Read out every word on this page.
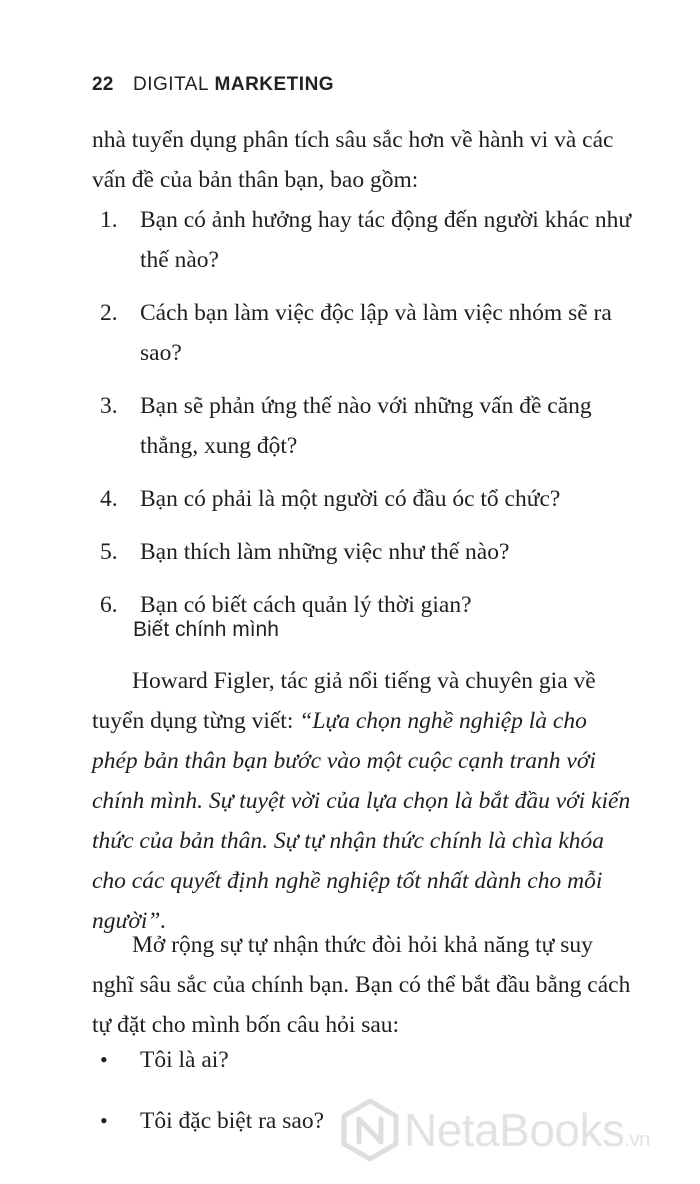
22 DIGITAL MARKETING
nhà tuyển dụng phân tích sâu sắc hơn về hành vi và các vấn đề của bản thân bạn, bao gồm:
1. Bạn có ảnh hưởng hay tác động đến người khác như thế nào?
2. Cách bạn làm việc độc lập và làm việc nhóm sẽ ra sao?
3. Bạn sẽ phản ứng thế nào với những vấn đề căng thẳng, xung đột?
4. Bạn có phải là một người có đầu óc tổ chức?
5. Bạn thích làm những việc như thế nào?
6. Bạn có biết cách quản lý thời gian?
Biết chính mình
Howard Figler, tác giả nổi tiếng và chuyên gia về tuyển dụng từng viết: “Lựa chọn nghề nghiệp là cho phép bản thân bạn bước vào một cuộc cạnh tranh với chính mình. Sự tuyệt vời của lựa chọn là bắt đầu với kiến thức của bản thân. Sự tự nhận thức chính là chìa khóa cho các quyết định nghề nghiệp tốt nhất dành cho mỗi người”.
Mở rộng sự tự nhận thức đòi hỏi khả năng tự suy nghĩ sâu sắc của chính bạn. Bạn có thể bắt đầu bằng cách tự đặt cho mình bốn câu hỏi sau:
• Tôi là ai?
• Tôi đặc biệt ra sao?	NetaBooks.vn
